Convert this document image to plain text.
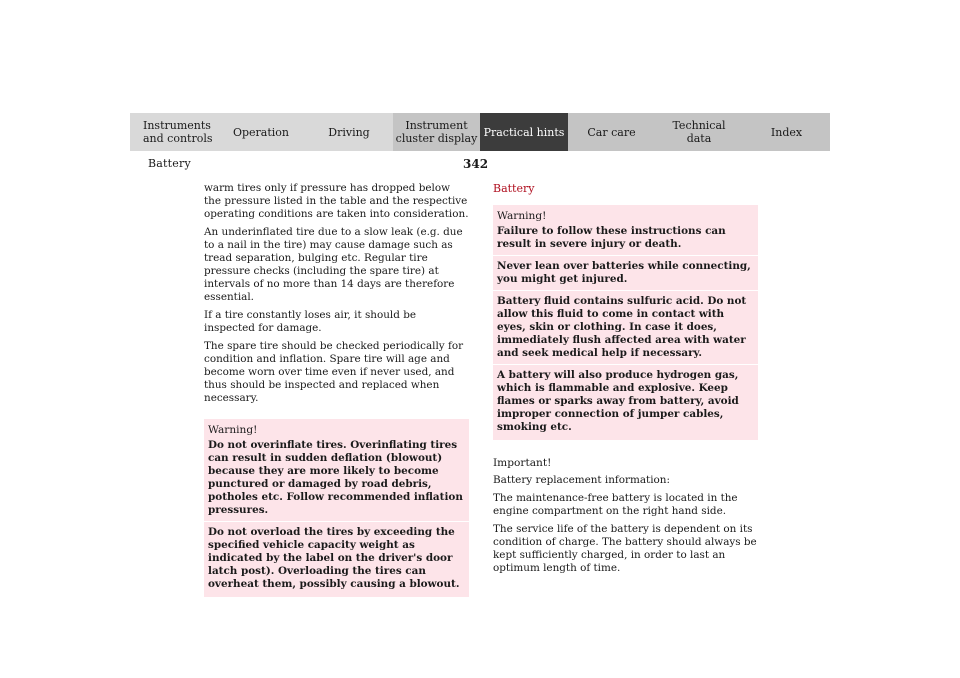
Instruments
and controls Operation	Driving	Instrument
cluster display Practical hints Car care	Technical
data	Index
Battery	342

warm tires only if pressure has dropped below the pressure listed in the table and the respective operating conditions are taken into consideration.

An underinflated tire due to a slow leak (e.g. due to a nail in the tire) may cause damage such as tread separation, bulging etc. Regular tire pressure checks (including the spare tire) at intervals of no more than 14 days are therefore essential.

If a tire constantly loses air, it should be inspected for damage.

The spare tire should be checked periodically for condition and inflation. Spare tire will age and become worn over time even if never used, and thus should be inspected and replaced when necessary.

Warning!
Do not overinflate tires. Overinflating tires can result in sudden deflation (blowout) because they are more likely to become punctured or damaged by road debris, potholes etc. Follow recommended inflation pressures.
Do not overload the tires by exceeding the specified vehicle capacity weight as indicated by the label on the driver's door latch post). Overloading the tires can overheat them, possibly causing a blowout.
Battery
Warning!
Failure to follow these instructions can result in severe injury or death.
Never lean over batteries while connecting, you might get injured.
Battery fluid contains sulfuric acid. Do not allow this fluid to come in contact with eyes, skin or clothing. In case it does, immediately flush affected area with water and seek medical help if necessary.
A battery will also produce hydrogen gas, which is flammable and explosive. Keep flames or sparks away from battery, avoid improper connection of jumper cables, smoking etc.
Important!

Battery replacement information:

The maintenance-free battery is located in the engine compartment on the right hand side.

The service life of the battery is dependent on its condition of charge. The battery should always be kept sufficiently charged, in order to last an optimum length of time.
